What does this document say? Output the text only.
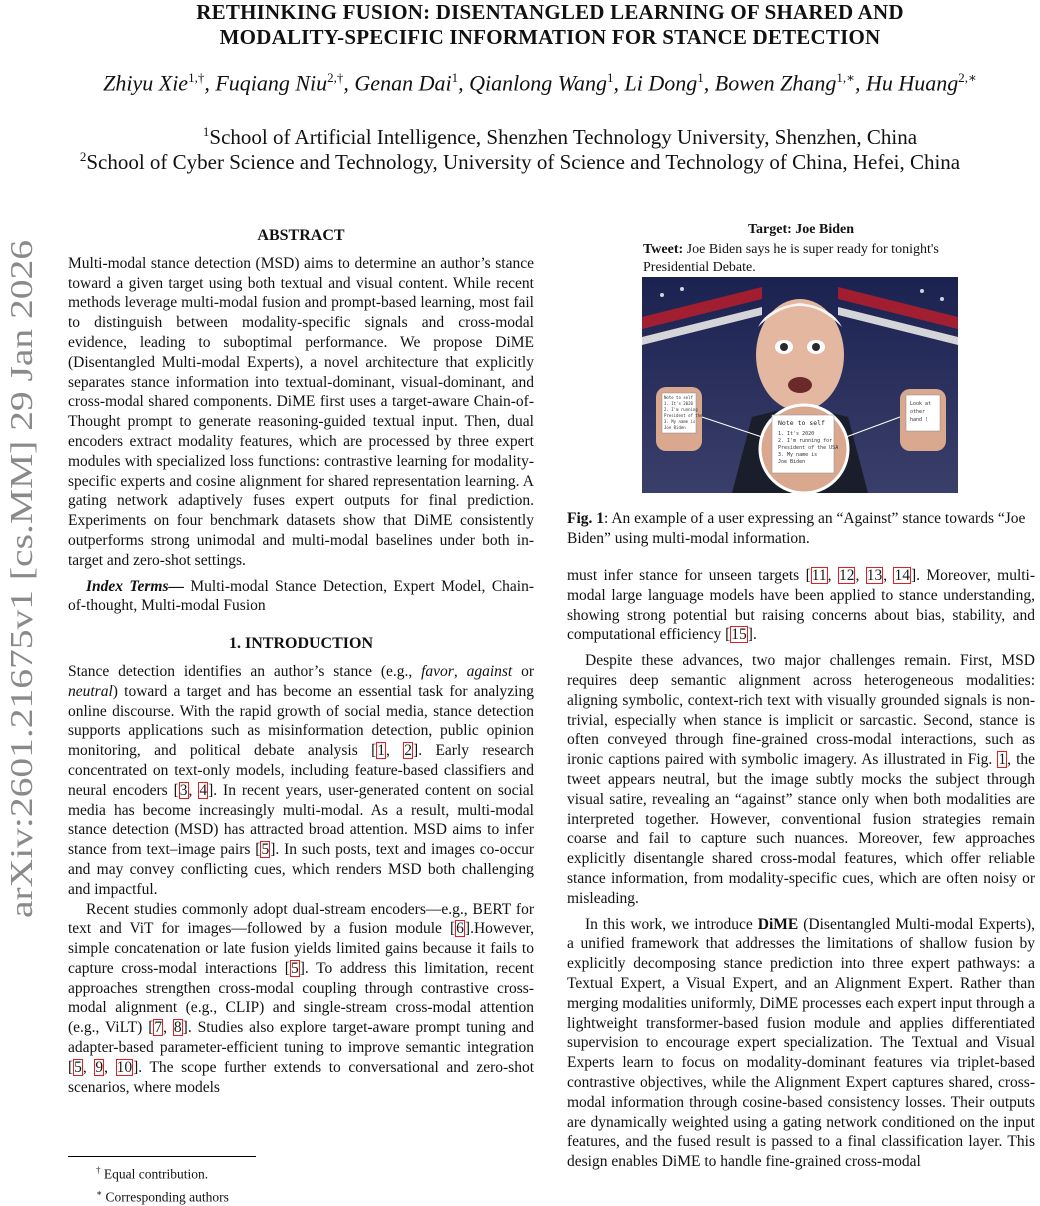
RETHINKING FUSION: DISENTANGLED LEARNING OF SHARED AND
MODALITY-SPECIFIC INFORMATION FOR STANCE DETECTION
Zhiyu Xie$^{1,\dagger}$, Fuqiang Niu$^{2,\dagger}$, Genan Dai$^1$, Qianlong Wang$^1$, Li Dong$^1$, Bowen Zhang$^{1,∗}$, Hu Huang$^{2,∗}$
$^1$School of Artificial Intelligence, Shenzhen Technology University, Shenzhen, China
$^2$School of Cyber Science and Technology, University of Science and Technology of China, Hefei, China
arXiv:2601.21675v1 [cs.MM] 29 Jan 2026

ABSTRACT

Multi-modal stance detection (MSD) aims to determine an author’s stance toward a given target using both textual and visual content. While recent methods leverage multi-modal fusion and prompt-based learning, most fail to distinguish between modality-specific signals and cross-modal evidence, leading to suboptimal performance. We propose DiME (Disentangled Multi-modal Experts), a novel architecture that explicitly separates stance information into textual-dominant, visual-dominant, and cross-modal shared components. DiME first uses a target-aware Chain-of-Thought prompt to generate reasoning-guided textual input. Then, dual encoders extract modality features, which are processed by three expert modules with specialized loss functions: contrastive learning for modality-specific experts and cosine alignment for shared representation learning. A gating network adaptively fuses expert outputs for final prediction. Experiments on four benchmark datasets show that DiME consistently outperforms strong unimodal and multi-modal baselines under both in-target and zero-shot settings.

Index Terms— Multi-modal Stance Detection, Expert Model, Chain-of-thought, Multi-modal Fusion

1. INTRODUCTION

Stance detection identifies an author’s stance (e.g., favor, against or neutral) toward a target and has become an essential task for analyzing online discourse. With the rapid growth of social media, stance detection supports applications such as misinformation detection, public opinion monitoring, and political debate analysis [1, 2]. Early research concentrated on text-only models, including feature-based classifiers and neural encoders [3, 4]. In recent years, user-generated content on social media has become increasingly multi-modal. As a result, multi-modal stance detection (MSD) has attracted broad attention. MSD aims to infer stance from text–image pairs [5]. In such posts, text and images co-occur and may convey conflicting cues, which renders MSD both challenging and impactful.

Recent studies commonly adopt dual-stream encoders—e.g., BERT for text and ViT for images—followed by a fusion module [6].However, simple concatenation or late fusion yields limited gains because it fails to capture cross-modal interactions [5]. To address this limitation, recent approaches strengthen cross-modal coupling through contrastive cross-modal alignment (e.g., CLIP) and single-stream cross-modal attention (e.g., ViLT) [7, 8]. Studies also explore target-aware prompt tuning and adapter-based parameter-efficient tuning to improve semantic integration [5, 9, 10]. The scope further extends to conversational and zero-shot scenarios, where models

Target: Joe Biden
Tweet: Joe Biden says he is super ready for tonight's Presidential Debate.
Note to self
1. It's 2020
2. I'm running
President of the US
3. My name is
Joe Biden
Look at
other
hand !
Note to self
1. It's 2020
2. I'm running for
President of the USA
3. My name is
Joe Biden
Fig. 1: An example of a user expressing an “Against” stance towards “Joe Biden” using multi-modal information.

must infer stance for unseen targets [11, 12, 13, 14]. Moreover, multi-modal large language models have been applied to stance understanding, showing strong potential but raising concerns about bias, stability, and computational efficiency [15].

Despite these advances, two major challenges remain. First, MSD requires deep semantic alignment across heterogeneous modalities: aligning symbolic, context-rich text with visually grounded signals is non-trivial, especially when stance is implicit or sarcastic. Second, stance is often conveyed through fine-grained cross-modal interactions, such as ironic captions paired with symbolic imagery. As illustrated in Fig. 1, the tweet appears neutral, but the image subtly mocks the subject through visual satire, revealing an “against” stance only when both modalities are interpreted together. However, conventional fusion strategies remain coarse and fail to capture such nuances. Moreover, few approaches explicitly disentangle shared cross-modal features, which offer reliable stance information, from modality-specific cues, which are often noisy or misleading.

In this work, we introduce DiME (Disentangled Multi-modal Experts), a unified framework that addresses the limitations of shallow fusion by explicitly decomposing stance prediction into three expert pathways: a Textual Expert, a Visual Expert, and an Alignment Expert. Rather than merging modalities uniformly, DiME processes each expert input through a lightweight transformer-based fusion module and applies differentiated supervision to encourage expert specialization. The Textual and Visual Experts learn to focus on modality-dominant features via triplet-based contrastive objectives, while the Alignment Expert captures shared, cross-modal information through cosine-based consistency losses. Their outputs are dynamically weighted using a gating network conditioned on the input features, and the fused result is passed to a final classification layer. This design enables DiME to handle fine-grained cross-modal

† Equal contribution.
∗ Corresponding authors
